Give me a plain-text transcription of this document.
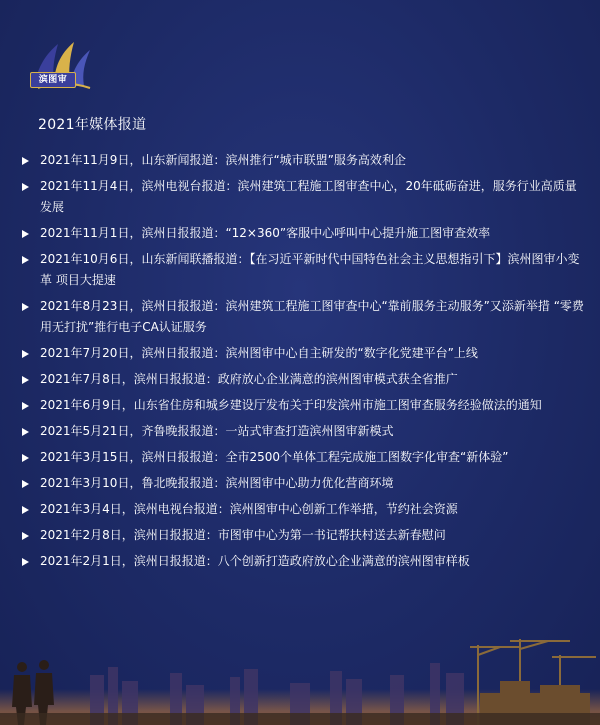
滨图审
2021年媒体报道
2021年11月9日，山东新闻报道：滨州推行“城市联盟”服务高效利企
2021年11月4日，滨州电视台报道：滨州建筑工程施工图审查中心，20年砥砺奋进，服务行业高质量发展
2021年11月1日，滨州日报报道：“12×360”客服中心呼叫中心提升施工图审查效率
2021年10月6日，山东新闻联播报道：【在习近平新时代中国特色社会主义思想指引下】滨州图审小变革 项目大提速
2021年8月23日，滨州日报报道：滨州建筑工程施工图审查中心“靠前服务主动服务”又添新举措 “零费用无打扰”推行电子CA认证服务
2021年7月20日，滨州日报报道：滨州图审中心自主研发的“数字化党建平台”上线
2021年7月8日，滨州日报报道：政府放心企业满意的滨州图审模式获全省推广
2021年6月9日，山东省住房和城乡建设厅发布关于印发滨州市施工图审查服务经验做法的通知
2021年5月21日，齐鲁晚报报道：一站式审查打造滨州图审新模式
2021年3月15日，滨州日报报道：全市2500个单体工程完成施工图数字化审查“新体验”
2021年3月10日，鲁北晚报报道：滨州图审中心助力优化营商环境
2021年3月4日，滨州电视台报道：滨州图审中心创新工作举措，节约社会资源
2021年2月8日，滨州日报报道：市图审中心为第一书记帮扶村送去新春慰问
2021年2月1日，滨州日报报道：八个创新打造政府放心企业满意的滨州图审样板
